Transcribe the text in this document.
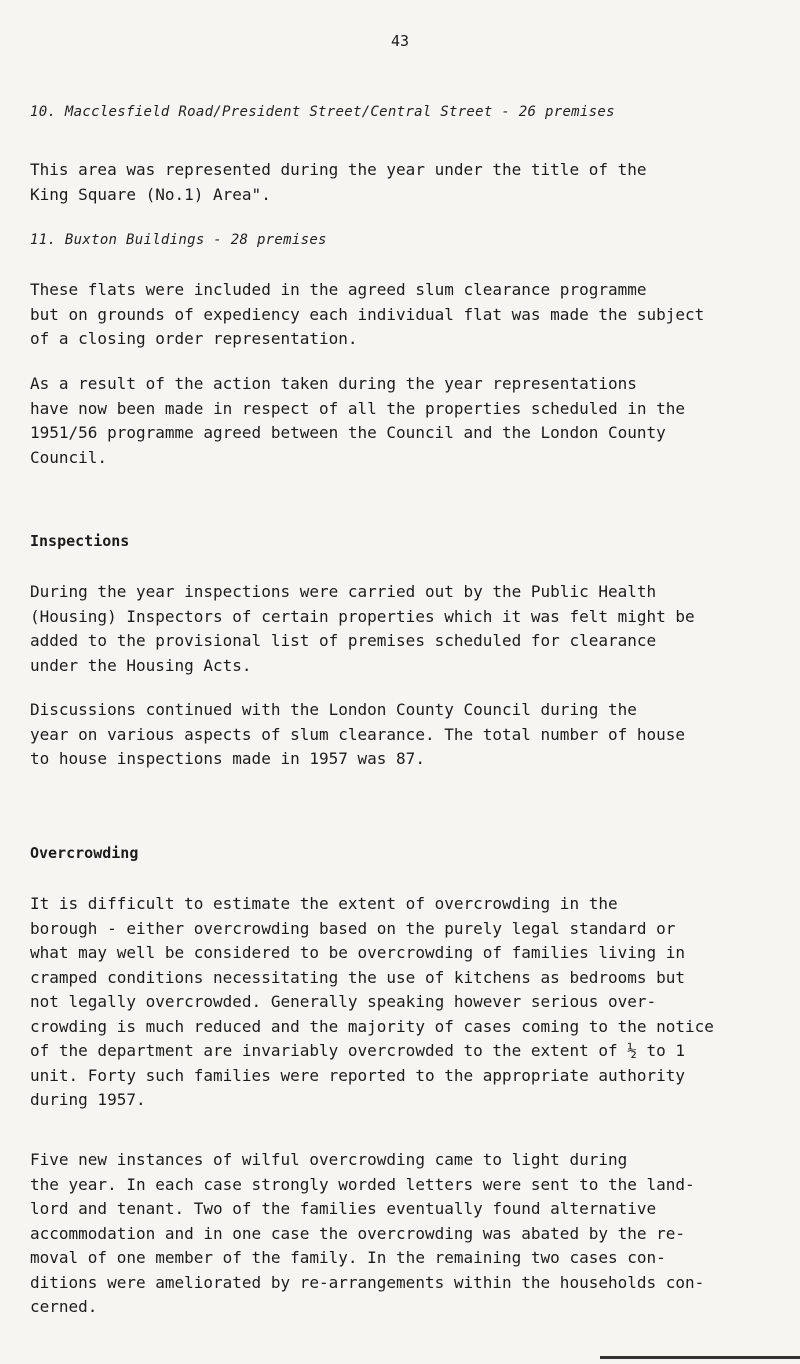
43
10. Macclesfield Road/President Street/Central Street - 26 premises

This area was represented during the year under the title of the
King Square (No.1) Area".

11. Buxton Buildings - 28 premises

These flats were included in the agreed slum clearance programme
but on grounds of expediency each individual flat was made the subject
of a closing order representation.

As a result of the action taken during the year representations
have now been made in respect of all the properties scheduled in the
1951/56 programme agreed between the Council and the London County
Council.

Inspections

During the year inspections were carried out by the Public Health
(Housing) Inspectors of certain properties which it was felt might be
added to the provisional list of premises scheduled for clearance
under the Housing Acts.

Discussions continued with the London County Council during the
year on various aspects of slum clearance. The total number of house
to house inspections made in 1957 was 87.

Overcrowding

It is difficult to estimate the extent of overcrowding in the
borough - either overcrowding based on the purely legal standard or
what may well be considered to be overcrowding of families living in
cramped conditions necessitating the use of kitchens as bedrooms but
not legally overcrowded. Generally speaking however serious over-
crowding is much reduced and the majority of cases coming to the notice
of the department are invariably overcrowded to the extent of ½ to 1
unit. Forty such families were reported to the appropriate authority
during 1957.

Five new instances of wilful overcrowding came to light during
the year. In each case strongly worded letters were sent to the land-
lord and tenant. Two of the families eventually found alternative
accommodation and in one case the overcrowding was abated by the re-
moval of one member of the family. In the remaining two cases con-
ditions were ameliorated by re-arrangements within the households con-
cerned.
